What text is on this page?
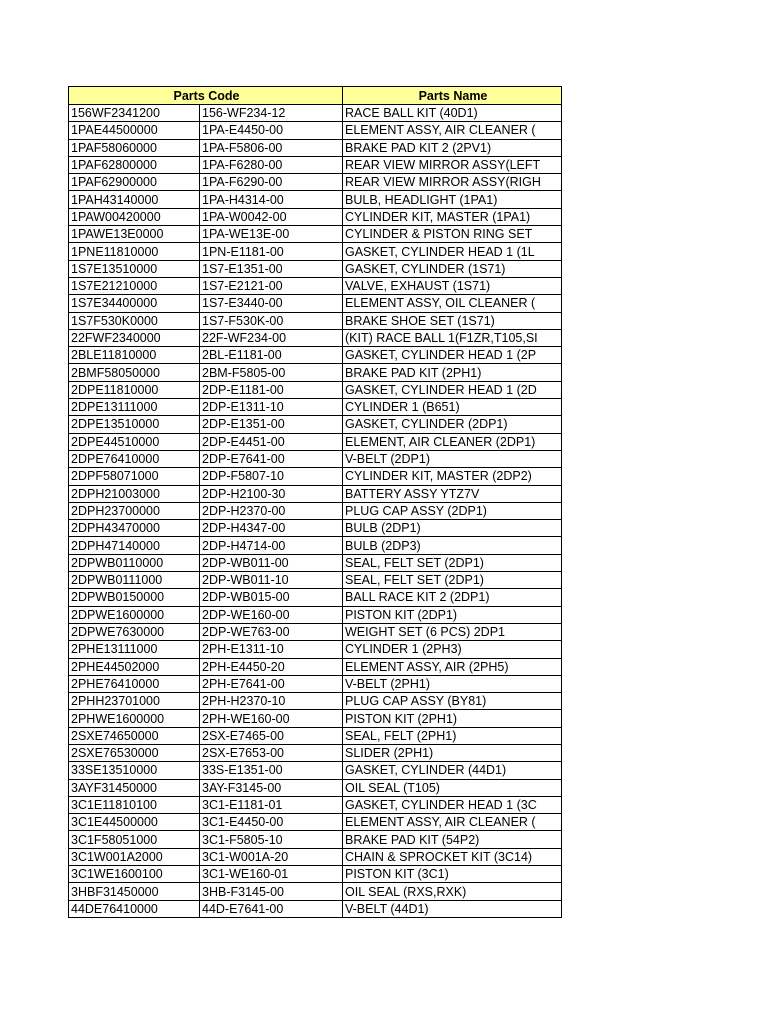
Parts Code		Parts Name
156WF2341200	156-WF234-12	RACE BALL KIT (40D1)
1PAE44500000	1PA-E4450-00	ELEMENT ASSY, AIR CLEANER (
1PAF58060000	1PA-F5806-00	BRAKE PAD KIT 2 (2PV1)
1PAF62800000	1PA-F6280-00	REAR VIEW MIRROR ASSY(LEFT
1PAF62900000	1PA-F6290-00	REAR VIEW MIRROR ASSY(RIGH
1PAH43140000	1PA-H4314-00	BULB, HEADLIGHT (1PA1)
1PAW00420000	1PA-W0042-00	CYLINDER KIT, MASTER (1PA1)
1PAWE13E0000	1PA-WE13E-00	CYLINDER & PISTON RING SET
1PNE11810000	1PN-E1181-00	GASKET, CYLINDER HEAD 1 (1L
1S7E13510000	1S7-E1351-00	GASKET, CYLINDER (1S71)
1S7E21210000	1S7-E2121-00	VALVE, EXHAUST (1S71)
1S7E34400000	1S7-E3440-00	ELEMENT ASSY, OIL CLEANER (
1S7F530K0000	1S7-F530K-00	BRAKE SHOE SET (1S71)
22FWF2340000	22F-WF234-00	(KIT) RACE BALL 1(F1ZR,T105,SI
2BLE11810000	2BL-E1181-00	GASKET, CYLINDER HEAD 1 (2P
2BMF58050000	2BM-F5805-00	BRAKE PAD KIT (2PH1)
2DPE11810000	2DP-E1181-00	GASKET, CYLINDER HEAD 1 (2D
2DPE13111000	2DP-E1311-10	CYLINDER 1 (B651)
2DPE13510000	2DP-E1351-00	GASKET, CYLINDER (2DP1)
2DPE44510000	2DP-E4451-00	ELEMENT, AIR CLEANER (2DP1)
2DPE76410000	2DP-E7641-00	V-BELT (2DP1)
2DPF58071000	2DP-F5807-10	CYLINDER KIT, MASTER (2DP2)
2DPH21003000	2DP-H2100-30	BATTERY ASSY YTZ7V
2DPH23700000	2DP-H2370-00	PLUG CAP ASSY (2DP1)
2DPH43470000	2DP-H4347-00	BULB (2DP1)
2DPH47140000	2DP-H4714-00	BULB (2DP3)
2DPWB0110000	2DP-WB011-00	SEAL, FELT SET (2DP1)
2DPWB0111000	2DP-WB011-10	SEAL, FELT SET (2DP1)
2DPWB0150000	2DP-WB015-00	BALL RACE KIT 2 (2DP1)
2DPWE1600000	2DP-WE160-00	PISTON KIT (2DP1)
2DPWE7630000	2DP-WE763-00	WEIGHT SET (6 PCS) 2DP1
2PHE13111000	2PH-E1311-10	CYLINDER 1 (2PH3)
2PHE44502000	2PH-E4450-20	ELEMENT ASSY, AIR (2PH5)
2PHE76410000	2PH-E7641-00	V-BELT (2PH1)
2PHH23701000	2PH-H2370-10	PLUG CAP ASSY (BY81)
2PHWE1600000	2PH-WE160-00	PISTON KIT (2PH1)
2SXE74650000	2SX-E7465-00	SEAL, FELT (2PH1)
2SXE76530000	2SX-E7653-00	SLIDER (2PH1)
33SE13510000	33S-E1351-00	GASKET, CYLINDER (44D1)
3AYF31450000	3AY-F3145-00	OIL SEAL (T105)
3C1E11810100	3C1-E1181-01	GASKET, CYLINDER HEAD 1 (3C
3C1E44500000	3C1-E4450-00	ELEMENT ASSY, AIR CLEANER (
3C1F58051000	3C1-F5805-10	BRAKE PAD KIT (54P2)
3C1W001A2000	3C1-W001A-20	CHAIN & SPROCKET KIT (3C14)
3C1WE1600100	3C1-WE160-01	PISTON KIT (3C1)
3HBF31450000	3HB-F3145-00	OIL SEAL (RXS,RXK)
44DE76410000	44D-E7641-00	V-BELT (44D1)
